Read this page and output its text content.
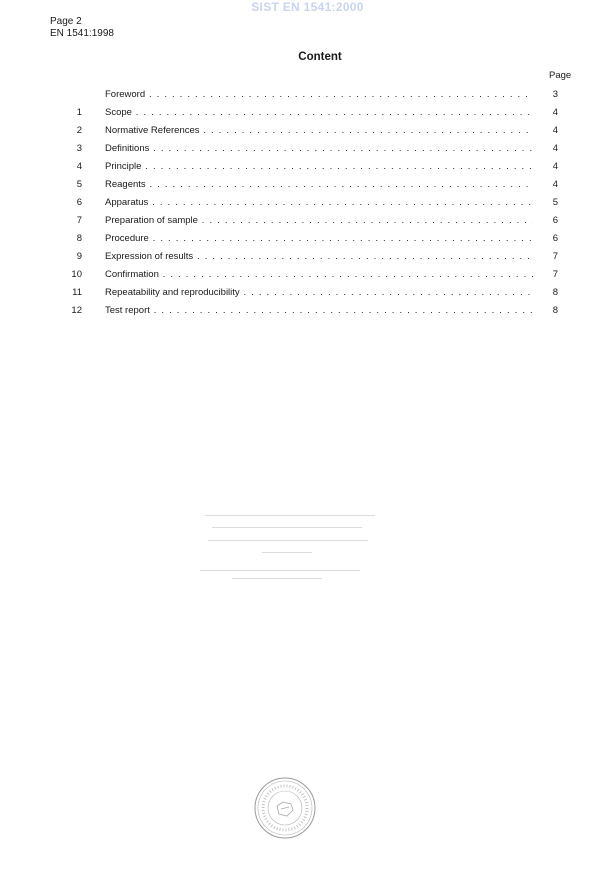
SIST EN 1541:2000
Page 2
EN 1541:1998
Content
Page
Foreword . . .	3
1 Scope . . .	4
2 Normative References . . .	4
3 Definitions . . .	4
4 Principle . . .	4
5 Reagents . . .	4
6 Apparatus . . .	5
7 Preparation of sample . . .	6
8 Procedure . . .	6
9 Expression of results . . .	7
10 Confirmation . . .	7
11 Repeatability and reproducibility . . .	8
12 Test report . . .	8
